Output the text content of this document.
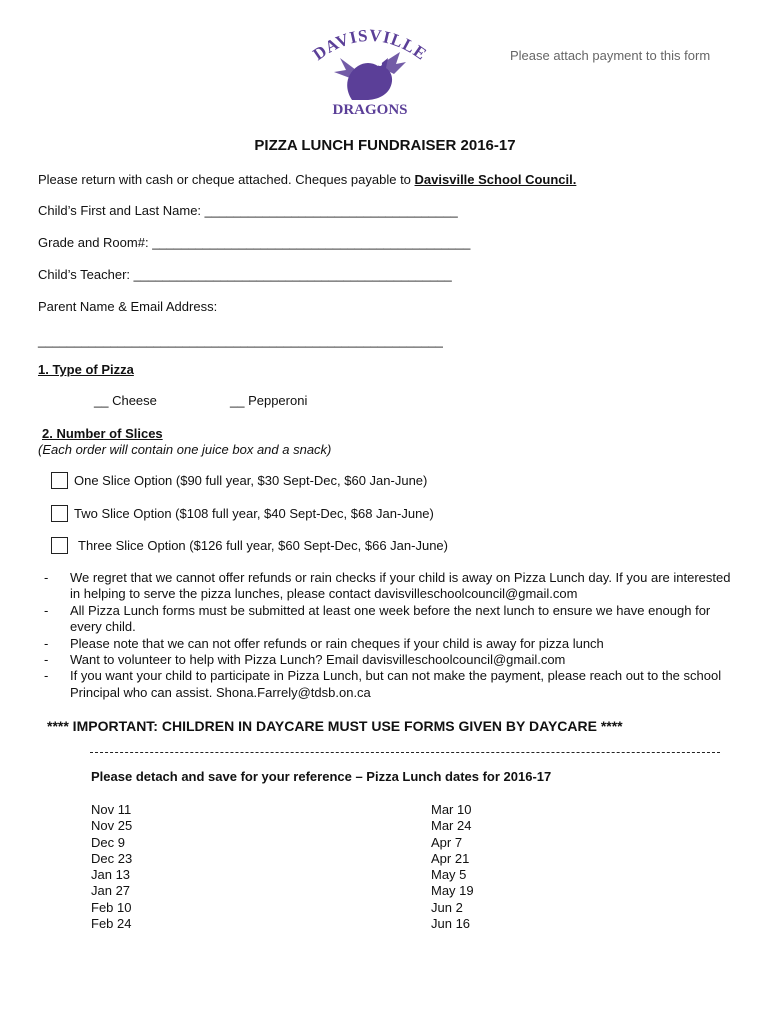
DAVISVILLE
DRAGONS
Please attach payment to this form
PIZZA LUNCH FUNDRAISER 2016-17
Please return with cash or cheque attached. Cheques payable to Davisville School Council.
Child’s First and Last Name: ___________________________________
Grade and Room#: ____________________________________________
Child’s Teacher: ____________________________________________
Parent Name & Email Address:
________________________________________________________
1. Type of Pizza
__ Cheese	__ Pepperoni
2. Number of Slices
(Each order will contain one juice box and a snack)
One Slice Option ($90 full year, $30 Sept-Dec, $60 Jan-June)
Two Slice Option ($108 full year, $40 Sept-Dec, $68 Jan-June)
Three Slice Option ($126 full year, $60 Sept-Dec, $66 Jan-June)
- We regret that we cannot offer refunds or rain checks if your child is away on Pizza Lunch day. If you are interested in helping to serve the pizza lunches, please contact davisvilleschoolcouncil@gmail.com
- All Pizza Lunch forms must be submitted at least one week before the next lunch to ensure we have enough for every child.
- Please note that we can not offer refunds or rain cheques if your child is away for pizza lunch
- Want to volunteer to help with Pizza Lunch? Email davisvilleschoolcouncil@gmail.com
- If you want your child to participate in Pizza Lunch, but can not make the payment, please reach out to the school Principal who can assist. Shona.Farrely@tdsb.on.ca
**** IMPORTANT: CHILDREN IN DAYCARE MUST USE FORMS GIVEN BY DAYCARE ****
Please detach and save for your reference – Pizza Lunch dates for 2016-17
Nov 11
Nov 25
Dec 9
Dec 23
Jan 13
Jan 27
Feb 10
Feb 24
Mar 10
Mar 24
Apr 7
Apr 21
May 5
May 19
Jun 2
Jun 16
